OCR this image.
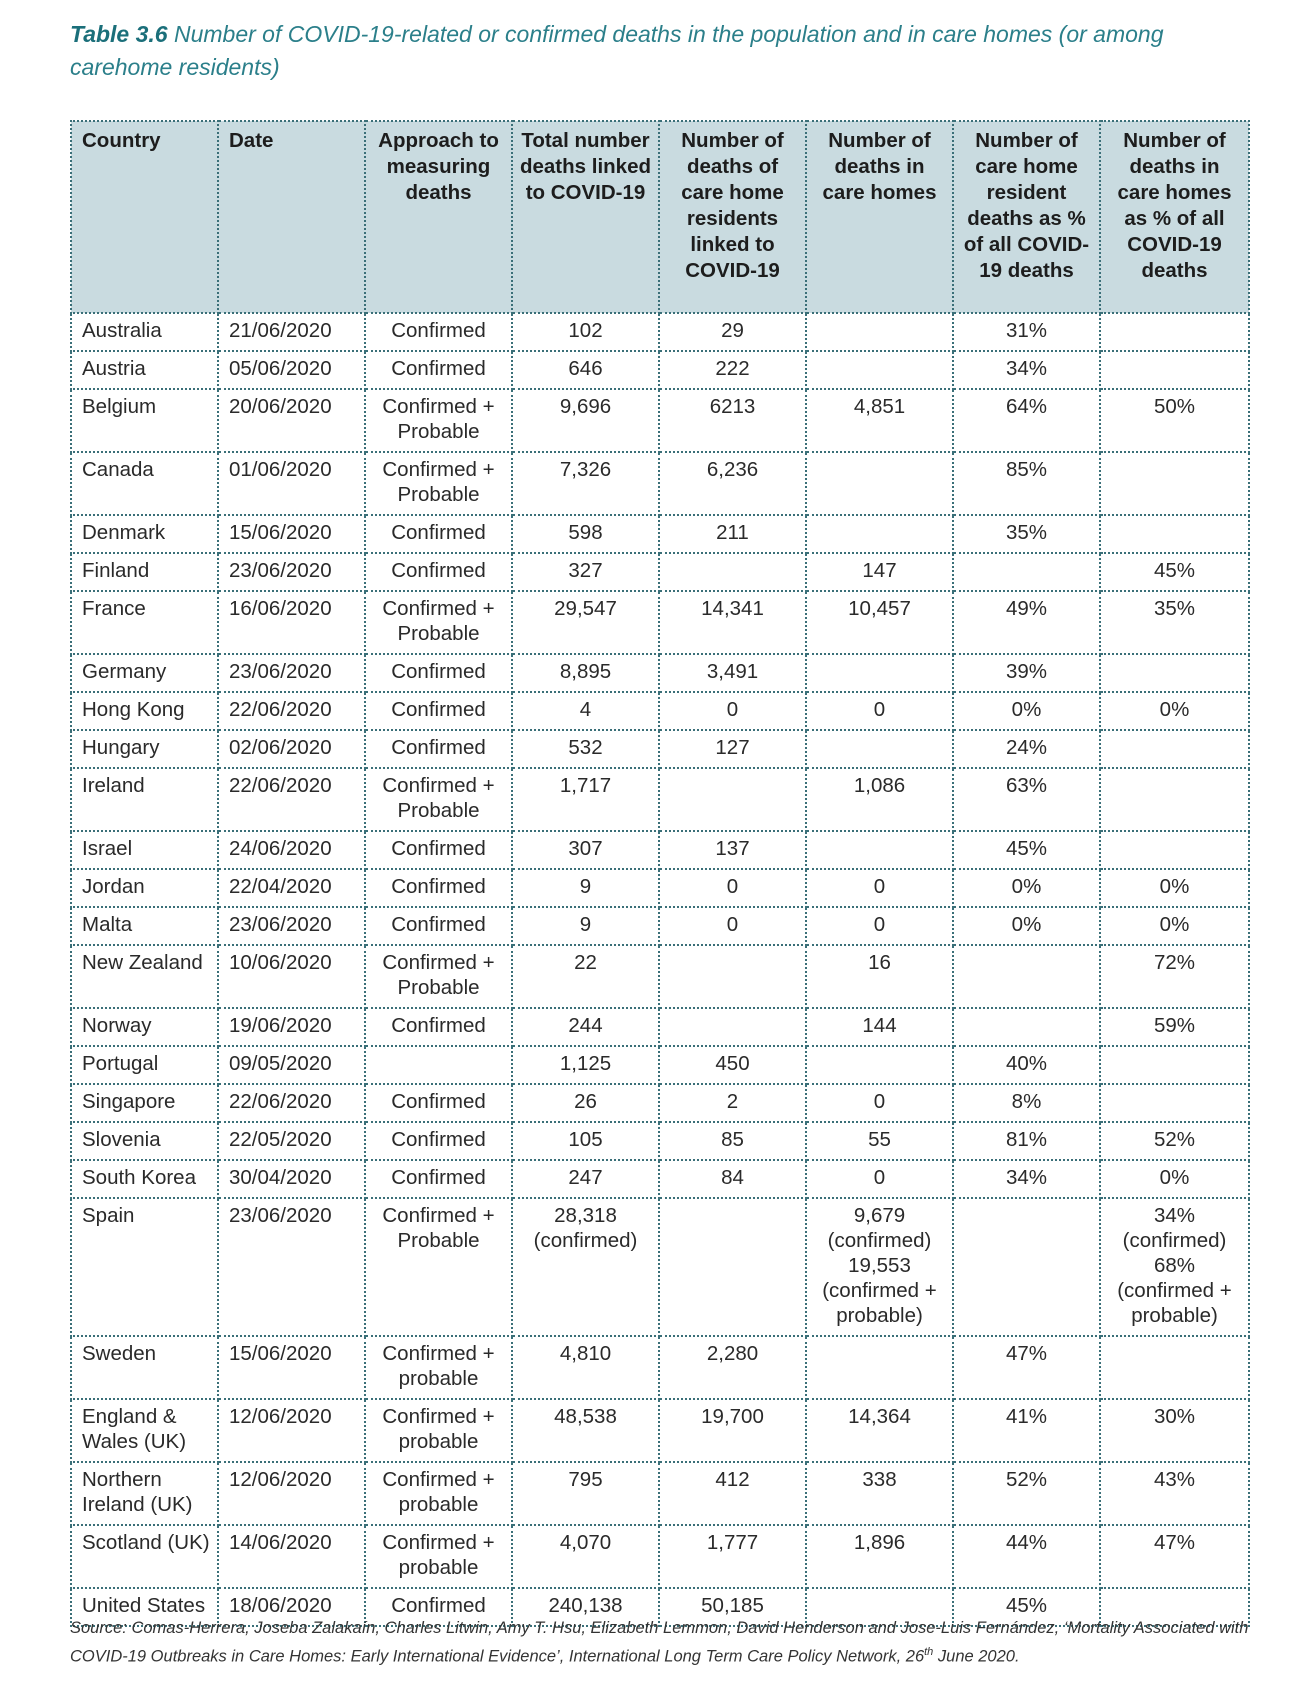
Table 3.6 Number of COVID-19-related or confirmed deaths in the population and in care homes (or among carehome residents)
Country	Date	Approach to measuring deaths	Total number deaths linked to COVID-19	Number of deaths of care home residents linked to COVID-19	Number of deaths in care homes	Number of care home resident deaths as % of all COVID-19 deaths	Number of deaths in care homes as % of all COVID-19 deaths
Australia	21/06/2020	Confirmed	102	29		31%	
Austria	05/06/2020	Confirmed	646	222		34%	
Belgium	20/06/2020	Confirmed + Probable	9,696	6213	4,851	64%	50%
Canada	01/06/2020	Confirmed + Probable	7,326	6,236		85%	
Denmark	15/06/2020	Confirmed	598	211		35%	
Finland	23/06/2020	Confirmed	327		147		45%
France	16/06/2020	Confirmed + Probable	29,547	14,341	10,457	49%	35%
Germany	23/06/2020	Confirmed	8,895	3,491		39%	
Hong Kong	22/06/2020	Confirmed	4	0	0	0%	0%
Hungary	02/06/2020	Confirmed	532	127		24%	
Ireland	22/06/2020	Confirmed + Probable	1,717		1,086	63%	
Israel	24/06/2020	Confirmed	307	137		45%	
Jordan	22/04/2020	Confirmed	9	0	0	0%	0%
Malta	23/06/2020	Confirmed	9	0	0	0%	0%
New Zealand	10/06/2020	Confirmed + Probable	22		16		72%
Norway	19/06/2020	Confirmed	244		144		59%
Portugal	09/05/2020		1,125	450		40%	
Singapore	22/06/2020	Confirmed	26	2	0	8%	
Slovenia	22/05/2020	Confirmed	105	85	55	81%	52%
South Korea	30/04/2020	Confirmed	247	84	0	34%	0%
Spain	23/06/2020	Confirmed + Probable	28,318 (confirmed)		9,679 (confirmed) 19,553 (confirmed + probable)		34% (confirmed) 68% (confirmed + probable)
Sweden	15/06/2020	Confirmed + probable	4,810	2,280		47%	
England & Wales (UK)	12/06/2020	Confirmed + probable	48,538	19,700	14,364	41%	30%
Northern Ireland (UK)	12/06/2020	Confirmed + probable	795	412	338	52%	43%
Scotland (UK)	14/06/2020	Confirmed + probable	4,070	1,777	1,896	44%	47%
United States	18/06/2020	Confirmed	240,138	50,185		45%	
Source: Comas-Herrera, Joseba Zalakaín, Charles Litwin, Amy T. Hsu, Elizabeth Lemmon, David Henderson and Jose-Luis Fernández, ‘Mortality Associated with COVID-19 Outbreaks in Care Homes: Early International Evidence’, International Long Term Care Policy Network, 26th June 2020.
